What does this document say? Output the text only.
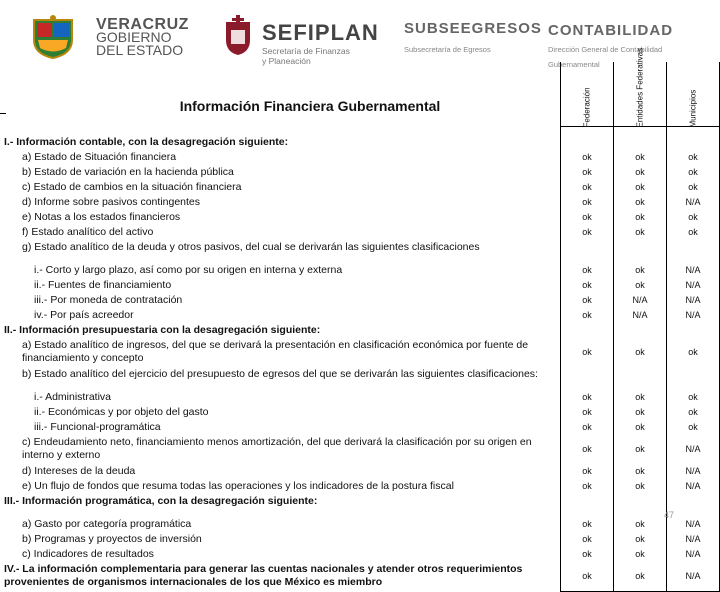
VERACRUZ
GOBIERNO
DEL ESTADO
SEFIPLAN
Secretaría de Finanzas
y Planeación
SUBSEEGRESOS
Subsecretaría de Egresos
CONTABILIDAD
Dirección General de Contabilidad
Gubernamental
Información Financiera Gubernamental	Federación	Entidades Federativas	Municipios

I.- Información contable, con la desagregación siguiente:			
a) Estado de Situación financiera	ok	ok	ok
b) Estado de variación en la hacienda pública	ok	ok	ok
c) Estado de cambios en la situación financiera	ok	ok	ok
d) Informe sobre pasivos contingentes	ok	ok	N/A
e) Notas a los estados financieros	ok	ok	ok
f) Estado analítico del activo	ok	ok	ok
g) Estado analítico de la deuda y otros pasivos, del cual se derivarán las siguientes clasificaciones			

i.- Corto y largo plazo, así como por su origen en interna y externa	ok	ok	N/A
ii.- Fuentes de financiamiento	ok	ok	N/A
iii.- Por moneda de contratación	ok	N/A	N/A
iv.- Por país acreedor	ok	N/A	N/A
II.- Información presupuestaria con la desagregación siguiente:			
a) Estado analítico de ingresos, del que se derivará la presentación en clasificación económica por fuente de financiamiento y concepto	ok	ok	ok
b) Estado analítico del ejercicio del presupuesto de egresos del que se derivarán las siguientes clasificaciones:			

i.- Administrativa	ok	ok	ok
ii.- Económicas y por objeto del gasto	ok	ok	ok
iii.- Funcional-programática	ok	ok	ok
c) Endeudamiento neto, financiamiento menos amortización, del que derivará la clasificación por su origen en interno y externo	ok	ok	N/A
d) Intereses de la deuda	ok	ok	N/A
e) Un flujo de fondos que resuma todas las operaciones y los indicadores de la postura fiscal	ok	ok	N/A
III.- Información programática, con la desagregación siguiente:			

a) Gasto por categoría programática	ok	ok	N/A
b) Programas y proyectos de inversión	ok	ok	N/A
c) Indicadores de resultados	ok	ok	N/A
IV.- La información complementaria para generar las cuentas nacionales y atender otros requerimientos provenientes de organismos internacionales de los que México es miembro	ok	ok	N/A
47
